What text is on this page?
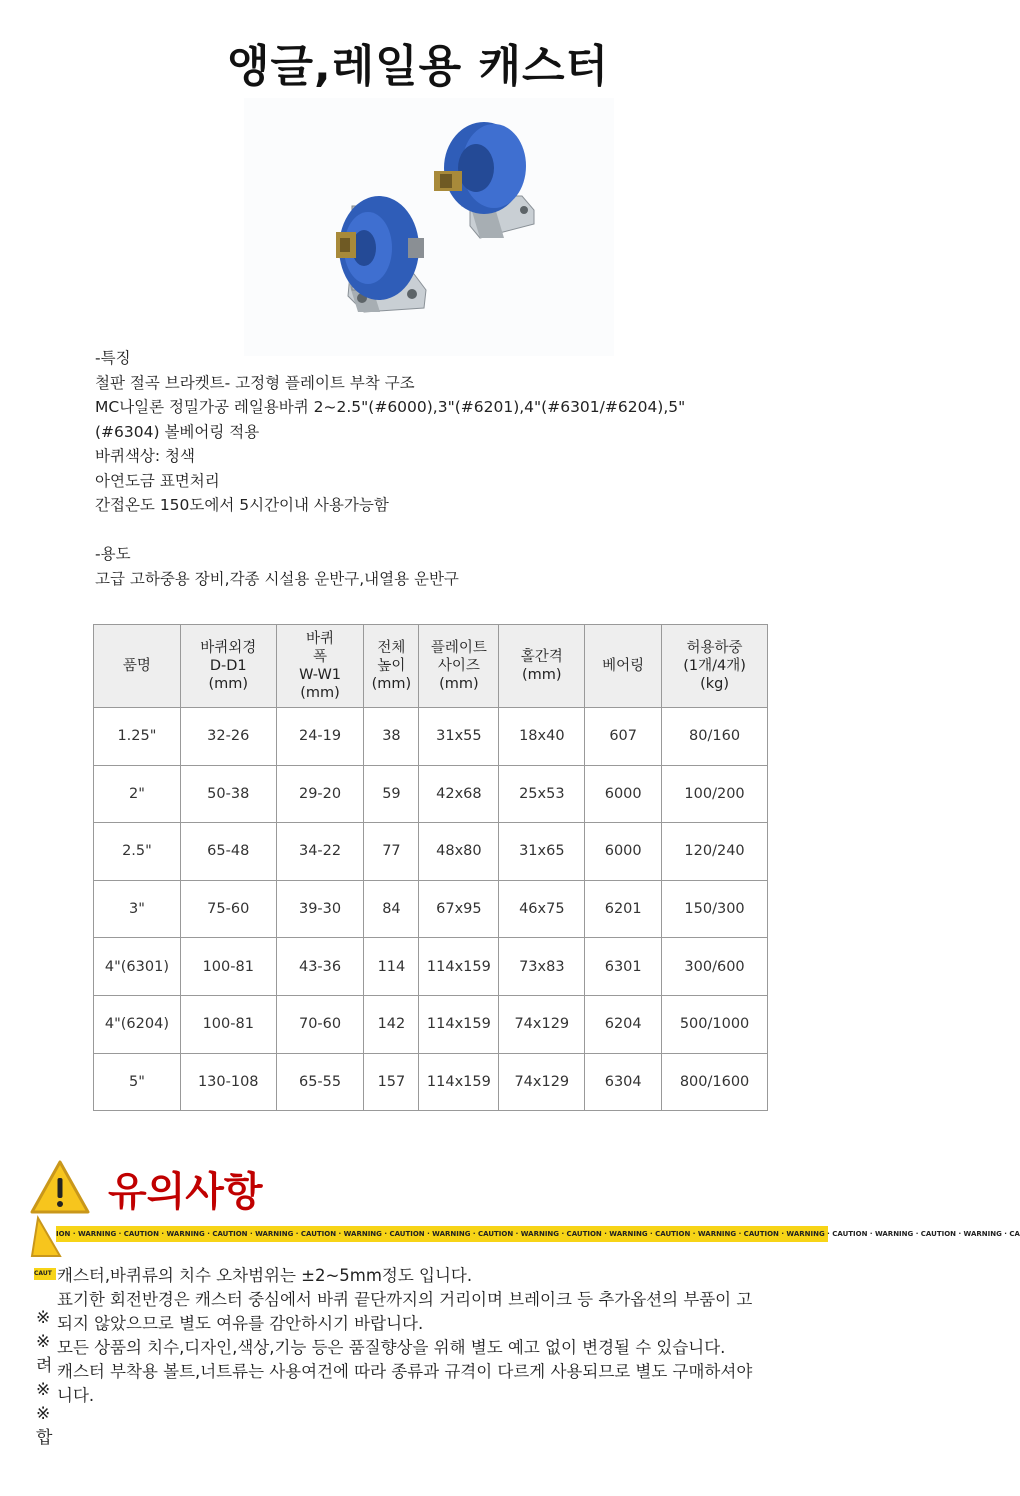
앵글,레일용 캐스터
-특징
철판 절곡 브라켓트- 고정형 플레이트 부착 구조
MC나일론 정밀가공 레일용바퀴 2~2.5"(#6000),3"(#6201),4"(#6301/#6204),5"
(#6304) 볼베어링 적용
바퀴색상: 청색
아연도금 표면처리
간접온도 150도에서 5시간이내 사용가능함
-용도
고급 고하중용 장비,각종 시설용 운반구,내열용 운반구
품명	바퀴외경
D-D1
(mm)	바퀴
폭
W-W1
(mm)	전체
높이
(mm)	플레이트
사이즈
(mm)	홀간격
(mm)	베어링	허용하중
(1개/4개)
(kg)
1.25"	32-26	24-19	38	31x55	18x40	607	80/160
2"	50-38	29-20	59	42x68	25x53	6000	100/200
2.5"	65-48	34-22	77	48x80	31x65	6000	120/240
3"	75-60	39-30	84	67x95	46x75	6201	150/300
4"(6301)	100-81	43-36	114	114x159	73x83	6301	300/600
4"(6204)	100-81	70-60	142	114x159	74x129	6204	500/1000
5"	130-108	65-55	157	114x159	74x129	6304	800/1600
유의사항
ION · WARNING · CAUTION · WARNING · CAUTION · WARNING · CAUTION · WARNING · CAUTION · WARNING · CAUTION · WARNING · CAUTION · WARNING · CAUTION · WARNING · CAUTION · WARNING · CAUTION · WARNING · CAUTION · WARNING · CA
CAUT
※
※
려
※
※
합
캐스터,바퀴류의 치수 오차범위는 ±2~5mm정도 입니다.
표기한 회전반경은 캐스터 중심에서 바퀴 끝단까지의 거리이며 브레이크 등 추가옵션의 부품이 고
되지 않았으므로 별도 여유를 감안하시기 바랍니다.
모든 상품의 치수,디자인,색상,기능 등은 품질향상을 위해 별도 예고 없이 변경될 수 있습니다.
캐스터 부착용 볼트,너트류는 사용여건에 따라 종류과 규격이 다르게 사용되므로 별도 구매하셔야
니다.
